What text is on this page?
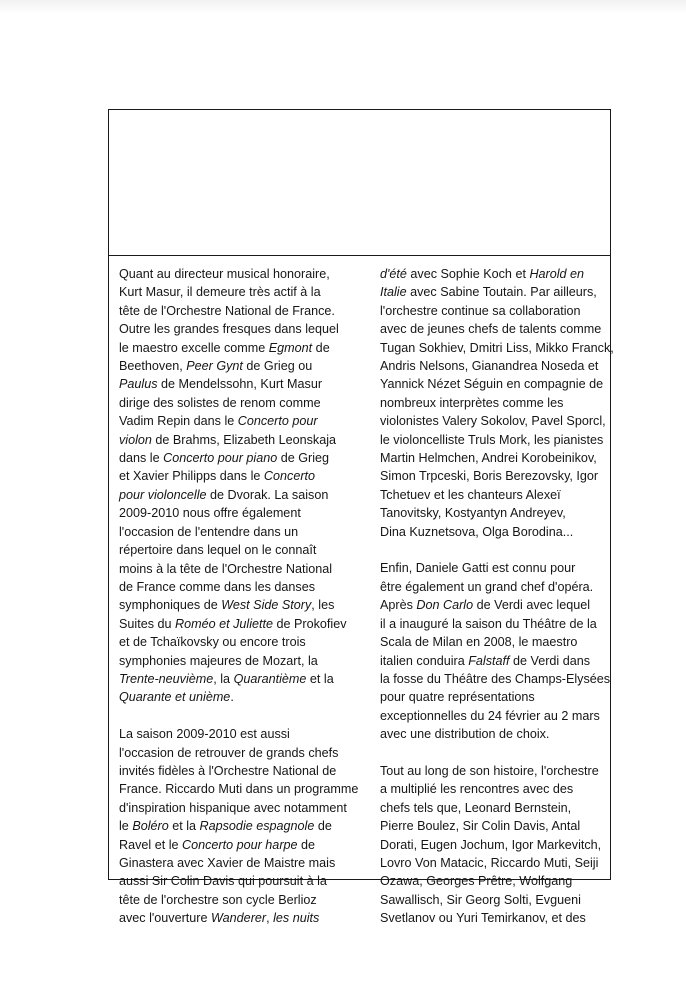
Quant au directeur musical honoraire,
Kurt Masur, il demeure très actif à la
tête de l'Orchestre National de France.
Outre les grandes fresques dans lequel
le maestro excelle comme Egmont de
Beethoven, Peer Gynt de Grieg ou
Paulus de Mendelssohn, Kurt Masur
dirige des solistes de renom comme
Vadim Repin dans le Concerto pour
violon de Brahms, Elizabeth Leonskaja
dans le Concerto pour piano de Grieg
et Xavier Philipps dans le Concerto
pour violoncelle de Dvorak. La saison
2009-2010 nous offre également
l'occasion de l'entendre dans un
répertoire dans lequel on le connaît
moins à la tête de l'Orchestre National
de France comme dans les danses
symphoniques de West Side Story, les
Suites du Roméo et Juliette de Prokofiev
et de Tchaïkovsky ou encore trois
symphonies majeures de Mozart, la
Trente-neuvième, la Quarantième et la
Quarante et unième.

La saison 2009-2010 est aussi
l'occasion de retrouver de grands chefs
invités fidèles à l'Orchestre National de
France. Riccardo Muti dans un programme
d'inspiration hispanique avec notamment
le Boléro et la Rapsodie espagnole de
Ravel et le Concerto pour harpe de
Ginastera avec Xavier de Maistre mais
aussi Sir Colin Davis qui poursuit à la
tête de l'orchestre son cycle Berlioz
avec l'ouverture Wanderer, les nuits

d'été avec Sophie Koch et Harold en
Italie avec Sabine Toutain. Par ailleurs,
l'orchestre continue sa collaboration
avec de jeunes chefs de talents comme
Tugan Sokhiev, Dmitri Liss, Mikko Franck,
Andris Nelsons, Gianandrea Noseda et
Yannick Nézet Séguin en compagnie de
nombreux interprètes comme les
violonistes Valery Sokolov, Pavel Sporcl,
le violoncelliste Truls Mork, les pianistes
Martin Helmchen, Andrei Korobeinikov,
Simon Trpceski, Boris Berezovsky, Igor
Tchetuev et les chanteurs Alexeï
Tanovitsky, Kostyantyn Andreyev,
Dina Kuznetsova, Olga Borodina...

Enfin, Daniele Gatti est connu pour
être également un grand chef d'opéra.
Après Don Carlo de Verdi avec lequel
il a inauguré la saison du Théâtre de la
Scala de Milan en 2008, le maestro
italien conduira Falstaff de Verdi dans
la fosse du Théâtre des Champs-Elysées
pour quatre représentations
exceptionnelles du 24 février au 2 mars
avec une distribution de choix.

Tout au long de son histoire, l'orchestre
a multiplié les rencontres avec des
chefs tels que, Leonard Bernstein,
Pierre Boulez, Sir Colin Davis, Antal
Dorati, Eugen Jochum, Igor Markevitch,
Lovro Von Matacic, Riccardo Muti, Seiji
Ozawa, Georges Prêtre, Wolfgang
Sawallisch, Sir Georg Solti, Evgueni
Svetlanov ou Yuri Temirkanov, et des
